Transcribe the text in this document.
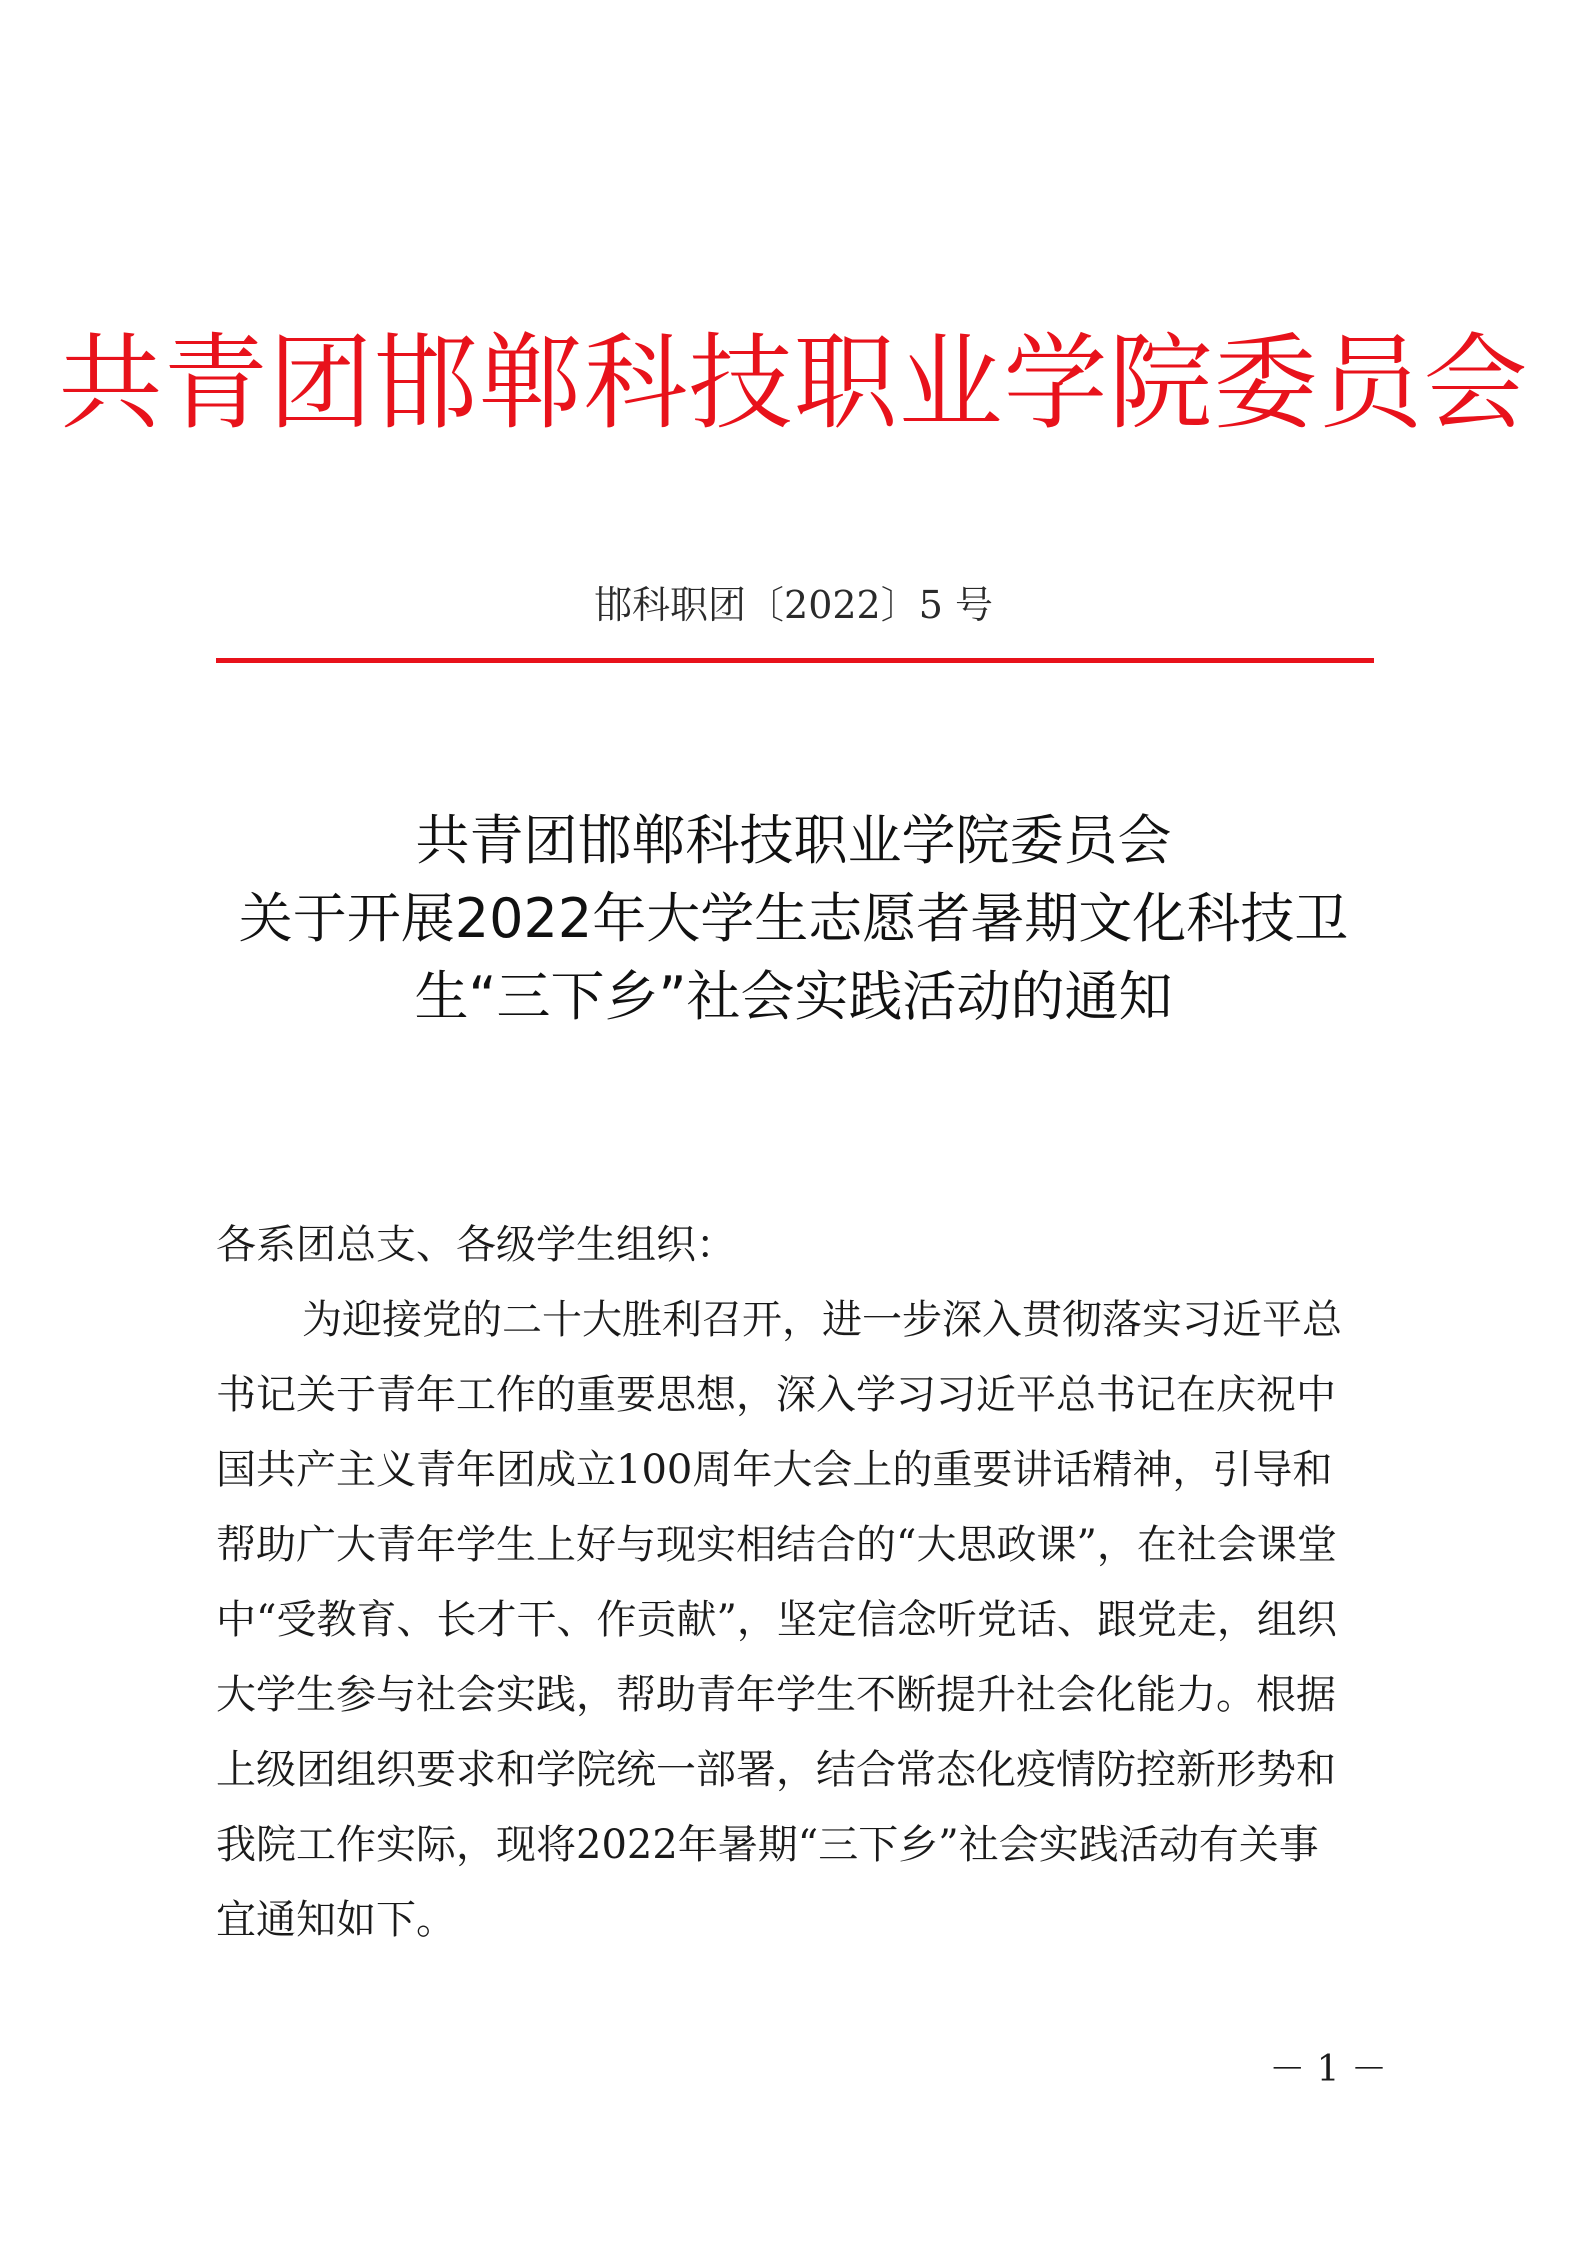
共青团邯郸科技职业学院委员会
邯科职团〔2022〕5 号
共青团邯郸科技职业学院委员会
关于开展2022年大学生志愿者暑期文化科技卫
生“三下乡”社会实践活动的通知

各系团总支、各级学生组织：

为迎接党的二十大胜利召开，进一步深入贯彻落实习近平总

书记关于青年工作的重要思想，深入学习习近平总书记在庆祝中

国共产主义青年团成立100周年大会上的重要讲话精神，引导和

帮助广大青年学生上好与现实相结合的“大思政课”，在社会课堂

中“受教育、长才干、作贡献”，坚定信念听党话、跟党走，组织

大学生参与社会实践，帮助青年学生不断提升社会化能力。根据

上级团组织要求和学院统一部署，结合常态化疫情防控新形势和

我院工作实际，现将2022年暑期“三下乡”社会实践活动有关事

宜通知如下。

－ 1 －
